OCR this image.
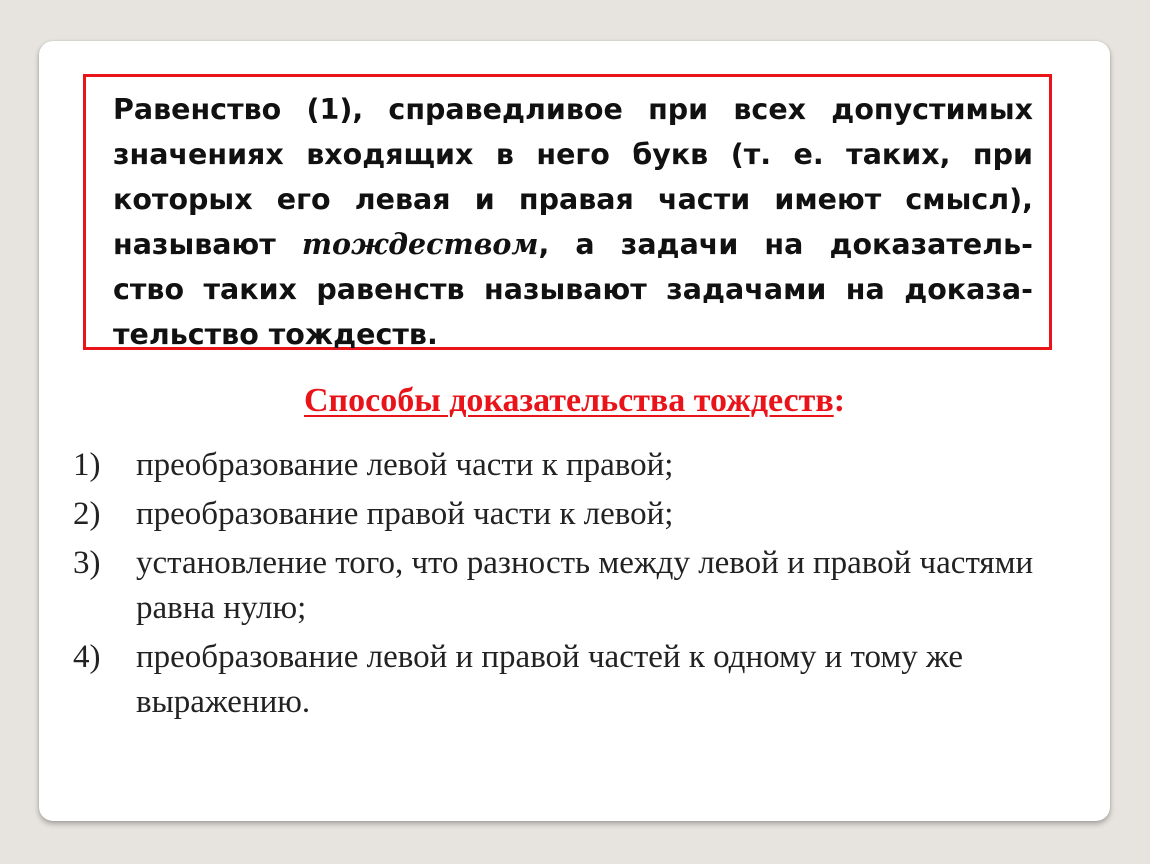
Равенство (1), справедливое при всех допустимых
значениях входящих в него букв (т. е. таких, при
которых его левая и правая части имеют смысл),
называют тождеством, а задачи на доказатель-
ство таких равенств называют задачами на доказа-
тельство тождеств.

Способы доказательства тождеств:
1)	преобразование левой части к правой;
2)	преобразование правой части к левой;
3)	установление того, что разность между левой и правой частями равна нулю;
4)	преобразование левой и правой частей к одному и тому же выражению.
